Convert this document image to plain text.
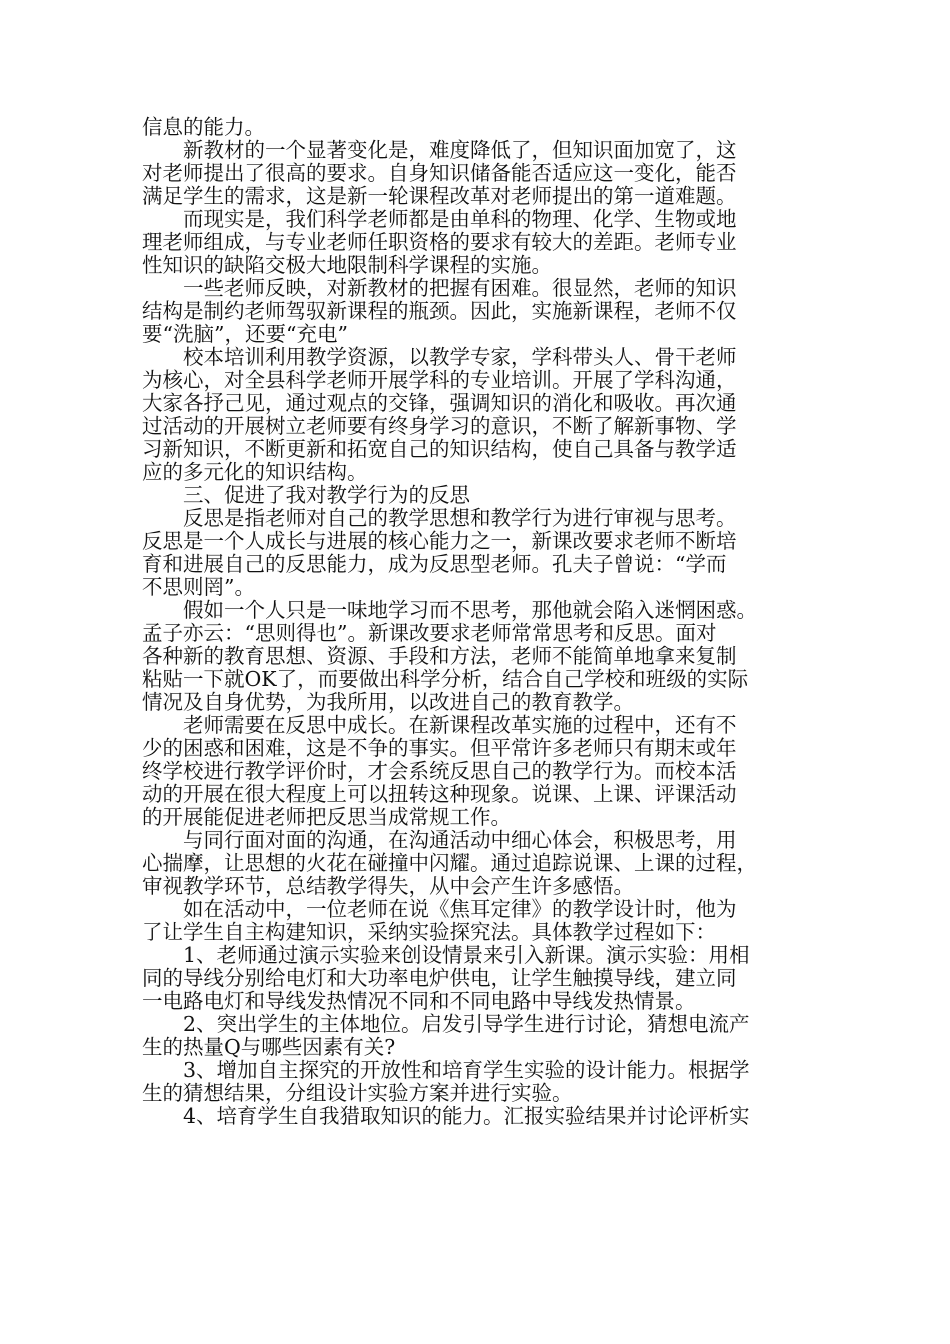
信息的能力。
新教材的一个显著变化是，难度降低了，但知识面加宽了，这
对老师提出了很高的要求。自身知识储备能否适应这一变化，能否
满足学生的需求，这是新一轮课程改革对老师提出的第一道难题。
而现实是，我们科学老师都是由单科的物理、化学、生物或地
理老师组成，与专业老师任职资格的要求有较大的差距。老师专业
性知识的缺陷交极大地限制科学课程的实施。
一些老师反映，对新教材的把握有困难。很显然，老师的知识
结构是制约老师驾驭新课程的瓶颈。因此，实施新课程，老师不仅
要“洗脑”，还要“充电”
校本培训利用教学资源，以教学专家，学科带头人、骨干老师
为核心，对全县科学老师开展学科的专业培训。开展了学科沟通，
大家各抒己见，通过观点的交锋，强调知识的消化和吸收。再次通
过活动的开展树立老师要有终身学习的意识，不断了解新事物、学
习新知识，不断更新和拓宽自己的知识结构，使自己具备与教学适
应的多元化的知识结构。
三、促进了我对教学行为的反思
反思是指老师对自己的教学思想和教学行为进行审视与思考。
反思是一个人成长与进展的核心能力之一，新课改要求老师不断培
育和进展自己的反思能力，成为反思型老师。孔夫子曾说：“学而
不思则罔”。
假如一个人只是一味地学习而不思考，那他就会陷入迷惘困惑。
孟子亦云：“思则得也”。新课改要求老师常常思考和反思。面对
各种新的教育思想、资源、手段和方法，老师不能简单地拿来复制
粘贴一下就OK了，而要做出科学分析，结合自己学校和班级的实际
情况及自身优势，为我所用，以改进自己的教育教学。
老师需要在反思中成长。在新课程改革实施的过程中，还有不
少的困惑和困难，这是不争的事实。但平常许多老师只有期末或年
终学校进行教学评价时，才会系统反思自己的教学行为。而校本活
动的开展在很大程度上可以扭转这种现象。说课、上课、评课活动
的开展能促进老师把反思当成常规工作。
与同行面对面的沟通，在沟通活动中细心体会，积极思考，用
心揣摩，让思想的火花在碰撞中闪耀。通过追踪说课、上课的过程，
审视教学环节，总结教学得失，从中会产生许多感悟。
如在活动中，一位老师在说《焦耳定律》的教学设计时，他为
了让学生自主构建知识，采纳实验探究法。具体教学过程如下：
1、老师通过演示实验来创设情景来引入新课。演示实验：用相
同的导线分别给电灯和大功率电炉供电，让学生触摸导线，建立同
一电路电灯和导线发热情况不同和不同电路中导线发热情景。
2、突出学生的主体地位。启发引导学生进行讨论，猜想电流产
生的热量Q与哪些因素有关?
3、增加自主探究的开放性和培育学生实验的设计能力。根据学
生的猜想结果，分组设计实验方案并进行实验。
4、培育学生自我猎取知识的能力。汇报实验结果并讨论评析实
